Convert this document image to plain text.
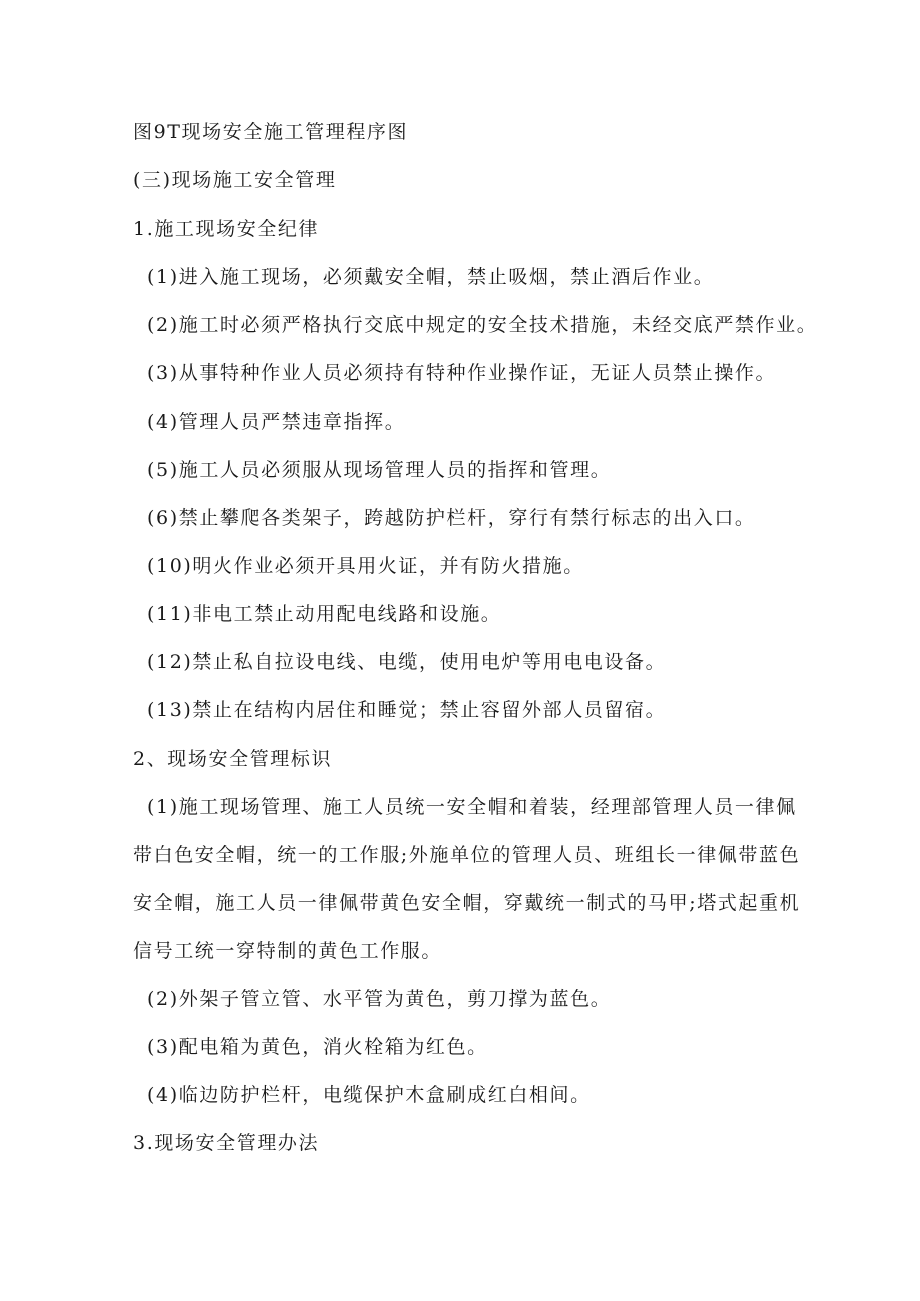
图9T现场安全施工管理程序图
(三)现场施工安全管理
1.施工现场安全纪律
(1)进入施工现场，必须戴安全帽，禁止吸烟，禁止酒后作业。
(2)施工时必须严格执行交底中规定的安全技术措施，未经交底严禁作业。
(3)从事特种作业人员必须持有特种作业操作证，无证人员禁止操作。
(4)管理人员严禁违章指挥。
(5)施工人员必须服从现场管理人员的指挥和管理。
(6)禁止攀爬各类架子，跨越防护栏杆，穿行有禁行标志的出入口。
(10)明火作业必须开具用火证，并有防火措施。
(11)非电工禁止动用配电线路和设施。
(12)禁止私自拉设电线、电缆，使用电炉等用电电设备。
(13)禁止在结构内居住和睡觉；禁止容留外部人员留宿。
2、现场安全管理标识
(1)施工现场管理、施工人员统一安全帽和着装，经理部管理人员一律佩
带白色安全帽，统一的工作服;外施单位的管理人员、班组长一律佩带蓝色
安全帽，施工人员一律佩带黄色安全帽，穿戴统一制式的马甲;塔式起重机
信号工统一穿特制的黄色工作服。
(2)外架子管立管、水平管为黄色，剪刀撑为蓝色。
(3)配电箱为黄色，消火栓箱为红色。
(4)临边防护栏杆，电缆保护木盒刷成红白相间。
3.现场安全管理办法
